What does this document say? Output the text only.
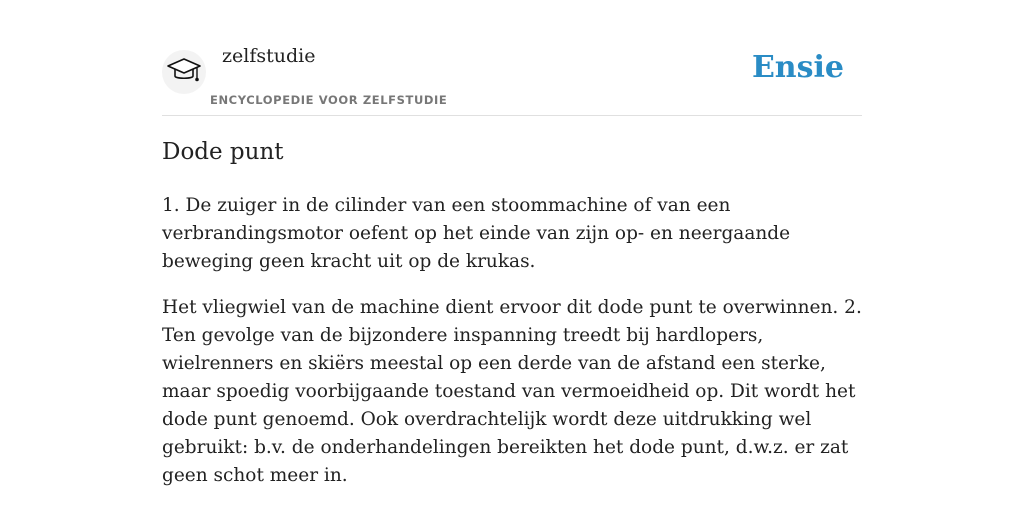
zelfstudie
ENCYCLOPEDIE VOOR ZELFSTUDIE
Ensie
Dode punt

1. De zuiger in de cilinder van een stoommachine of van een verbrandingsmotor oefent op het einde van zijn op- en neergaande beweging geen kracht uit op de krukas.

Het vliegwiel van de machine dient ervoor dit dode punt te overwinnen. 2. Ten gevolge van de bijzondere inspanning treedt bij hardlopers, wielrenners en skiërs meestal op een derde van de afstand een sterke, maar spoedig voorbijgaande toestand van vermoeidheid op. Dit wordt het dode punt genoemd. Ook overdrachtelijk wordt deze uitdrukking wel gebruikt: b.v. de onderhandelingen bereikten het dode punt, d.w.z. er zat geen schot meer in.
